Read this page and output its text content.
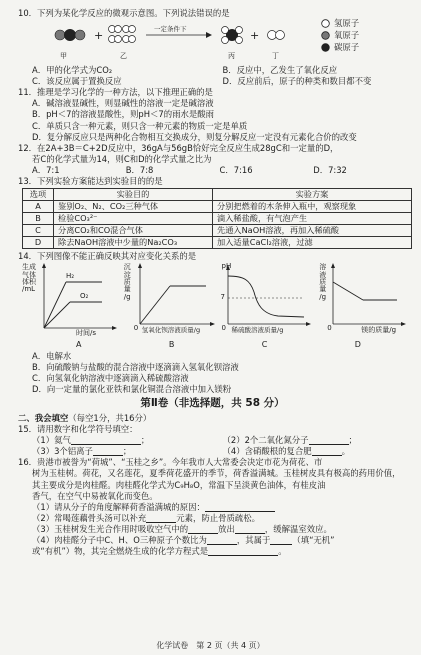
10．下列为某化学反应的微观示意图。下列说法错误的是
+	一定条件下	+
甲	乙	丙	丁
氢原子
氧原子
碳原子
A．甲的化学式为CO₂	B．反应中，乙发生了氧化反应
C．该反应属于置换反应	D．反应前后，原子的种类和数目都不变
11．推理是学习化学的一种方法，以下推理正确的是
A．碱溶液显碱性，则显碱性的溶液一定是碱溶液
B．pH＜7的溶液显酸性，则pH＜7的雨水是酸雨
C．单质只含一种元素，则只含一种元素的物质一定是单质
D．复分解反应只是两种化合物相互交换成分，则复分解反应一定没有元素化合价的改变
12．在2A+3B＝C+2D反应中，36gA与56gB恰好完全反应生成28gC和一定量的D，
若C的化学式量为14，则C和D的化学式量之比为
A．7:1	B．7:8	C．7:16	D．7:32
13．下列实验方案能达到实验目的的是
选项	实验目的	实验方案
A	鉴别O₂、N₂、CO₂三种气体	分别把燃着的木条伸入瓶中，观察现象
B	检验CO₃²⁻	滴入稀盐酸，有气泡产生
C	分离CO₂和CO混合气体	先通入NaOH溶液，再加入稀硫酸
D	除去NaOH溶液中少量的Na₂CO₃	加入适量CaCl₂溶液，过滤
14．下列图像不能正确反映其对应变化关系的是
生成
气体
体积
/mL
H₂
O₂
时间/s
沉
淀
质
量
/g
0 氢氧化钡溶液质量/g
pH
7
0 稀硫酸溶液质量/g
溶
液
质
量
/g
0	镁的质量/g
A	B	C	D
A．电解水
B．向硫酸钠与盐酸的混合溶液中逐滴滴入氢氧化钡溶液
C．向氢氧化钠溶液中逐滴滴入稀硫酸溶液
D．向一定量的氯化亚铁和氯化铜混合溶液中加入镁粉
第Ⅱ卷（非选择题，共 58 分）
二、我会填空（每空1分，共16分）
15．请用数字和化学符号填空：
（1）氦气	；	（2）2个二氧化氮分子	；
（3）3个铝离子	；	（4）含硝酸根的复合肥	。
16．贵港市被誉为“荷城”、“玉桂之乡”。今年我市人大常委会决定市花为荷花、市
树为玉桂树。荷花，又名莲花，夏季荷花盛开的季节，荷香溢满城。玉桂树皮具有极高的药用价值，
其主要成分是肉桂醛。肉桂醛化学式为C₉H₈O，常温下呈淡黄色油体，有桂皮油
香气，在空气中易被氧化而变色。
（1）请从分子的角度解释荷香溢满城的原因：
（2）常喝莲藕骨头汤可以补充	元素，防止骨质疏松。
（3）玉桂树发生光合作用时吸收空气中的	放出	，缓解温室效应。
（4）肉桂醛分子中C、H、O三种原子个数比为	，其属于	（填“无机”
或“有机”）物，其完全燃烧生成的化学方程式是	。
化学试卷　第 2 页（共 4 页）
